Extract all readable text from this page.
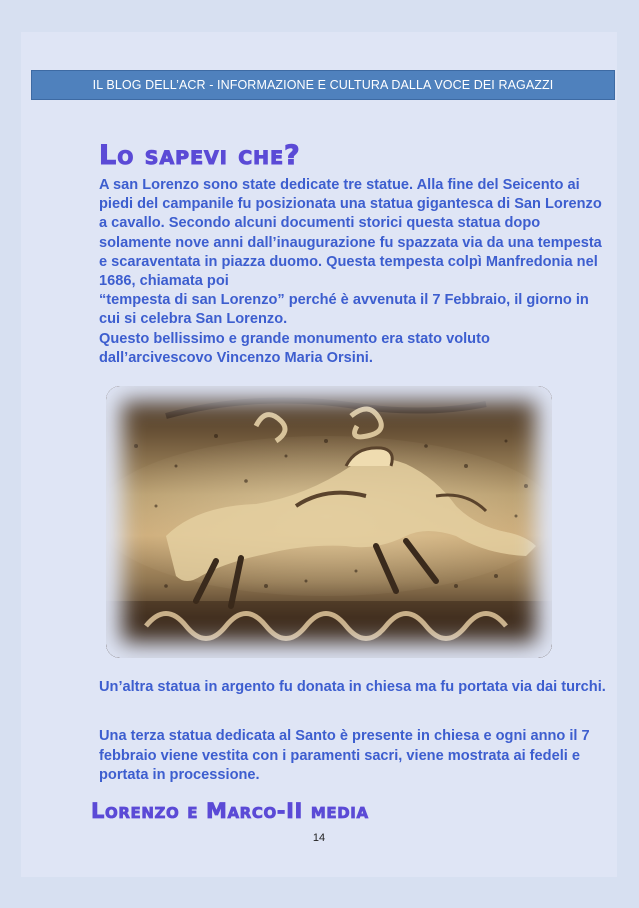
IL BLOG DELL’ACR - INFORMAZIONE E CULTURA DALLA VOCE DEI RAGAZZI
Lo sapevi che?

A san Lorenzo sono state dedicate tre statue. Alla fine del Seicento ai

piedi del campanile fu posizionata una statua gigantesca di San Lorenzo

a cavallo. Secondo alcuni documenti storici questa statua dopo

solamente nove anni dall’inaugurazione fu spazzata via da una tempesta

e scaraventata in piazza duomo. Questa tempesta colpì Manfredonia nel

1686, chiamata poi

“tempesta di san Lorenzo” perché è avvenuta il 7 Febbraio, il giorno in

cui si celebra San Lorenzo.

Questo bellissimo e grande monumento era stato voluto

dall’arcivescovo Vincenzo Maria Orsini.

Un’altra statua in argento fu donata in chiesa ma fu portata via dai turchi.

Una terza statua dedicata al Santo è presente in chiesa e ogni anno il 7
febbraio viene vestita con i paramenti sacri, viene mostrata ai fedeli e
portata in processione.
Lorenzo e Marco-II media
14
